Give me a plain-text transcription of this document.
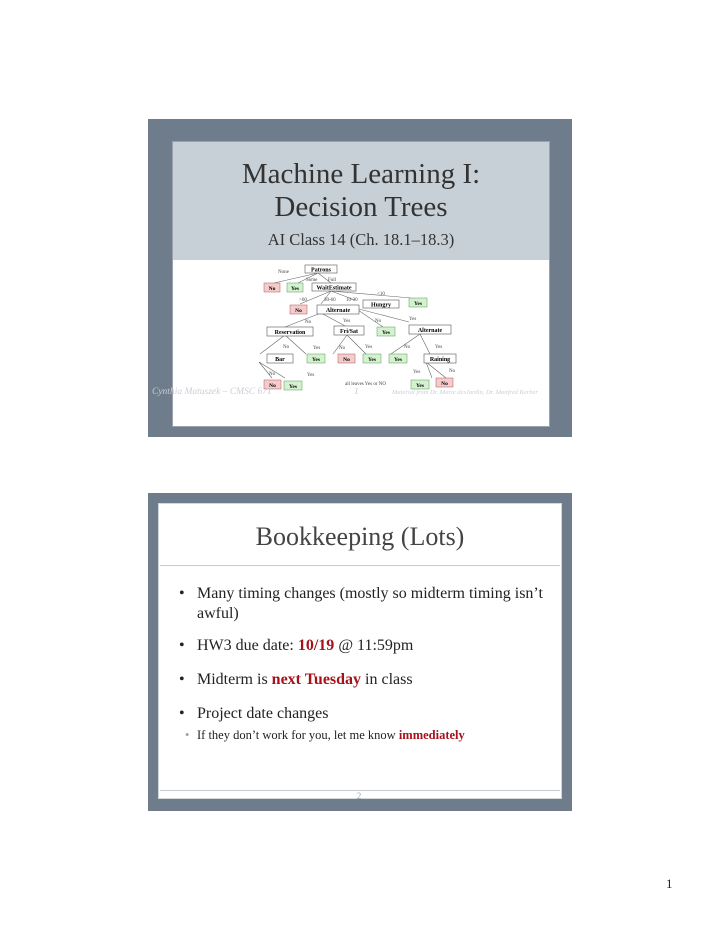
Machine Learning I:
Decision Trees
AI Class 14 (Ch. 18.1–18.3)
Patrons
WaitEstimate
Alternate
Hungry
Reservation	Fri/Sat	Alternate
Bar	Raining
No	Yes
No
Yes
Yes
Yes	No	Yes	Yes
No Yes	Yes	No
None
Some Full
>60	30-60 10-30
<10
No	Yes	No	Yes
No	Yes	No	Yes	No	Yes
No	Yes
Yes	No
all leaves Yes or NO
Cynthia Matuszek – CMSC 671	1	Material from Dr. Marie desJardin, Dr. Manfred Kerber
Bookkeeping (Lots)
• Many timing changes (mostly so midterm timing isn’t awful)
• HW3 due date: 10/19 @ 11:59pm
• Midterm is next Tuesday in class
• Project date changes
• If they don’t work for you, let me know immediately
2
1
